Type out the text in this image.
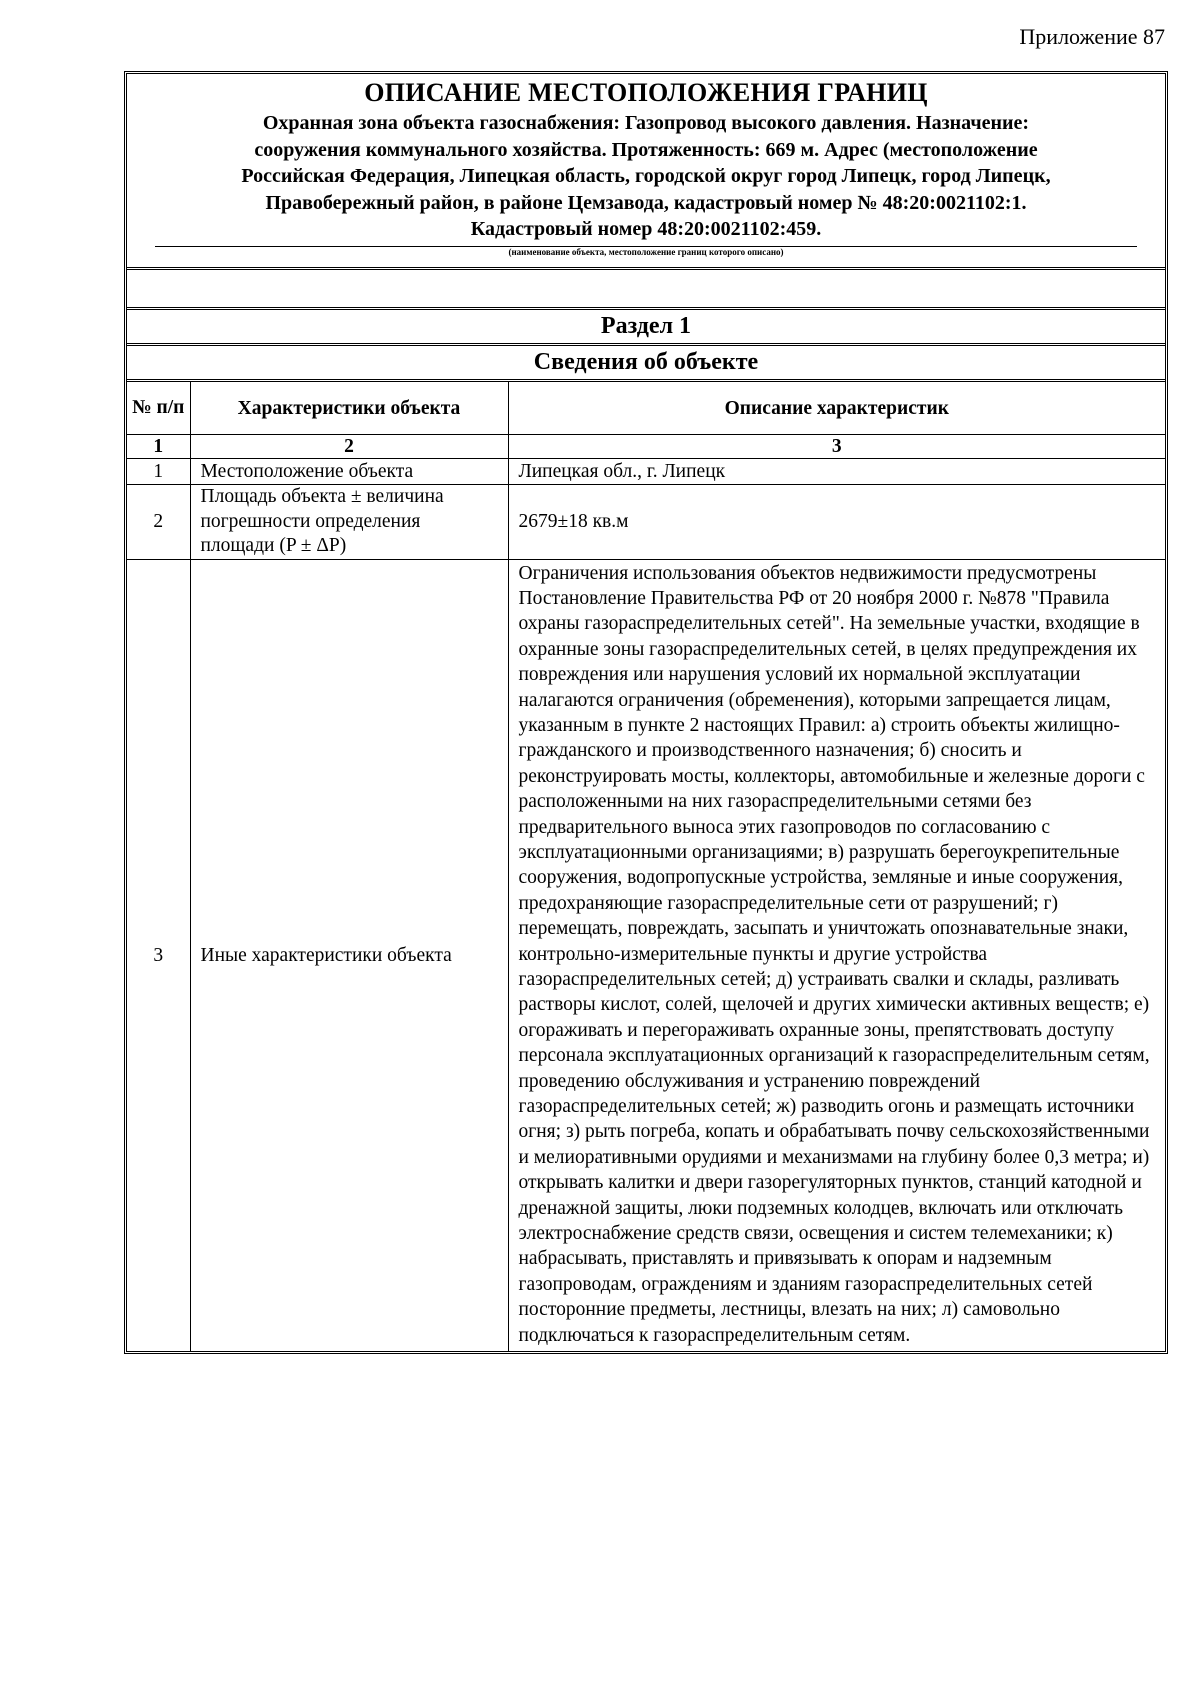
Приложение 87
ОПИСАНИЕ МЕСТОПОЛОЖЕНИЯ ГРАНИЦ
Охранная зона объекта газоснабжения: Газопровод высокого давления. Назначение:
сооружения коммунального хозяйства. Протяженность: 669 м. Адрес (местоположение
Российская Федерация, Липецкая область, городской округ город Липецк, город Липецк,
Правобережный район, в районе Цемзавода, кадастровый номер № 48:20:0021102:1.
Кадастровый номер 48:20:0021102:459.
(наименование объекта, местоположение границ которого описано)
Раздел 1
Сведения об объекте
№ п/п	Характеристики объекта	Описание характеристик
1	2	3
1	Местоположение объекта	Липецкая обл., г. Липецк
2	Площадь объекта ± величина погрешности определения площади (P ± ΔP)	2679±18 кв.м
3	Иные характеристики объекта	Ограничения использования объектов недвижимости предусмотрены Постановление Правительства РФ от 20 ноября 2000 г. №878 "Правила охраны газораспределительных сетей". На земельные участки, входящие в охранные зоны газораспределительных сетей, в целях предупреждения их повреждения или нарушения условий их нормальной эксплуатации налагаются ограничения (обременения), которыми запрещается лицам, указанным в пункте 2 настоящих Правил: а) строить объекты жилищно-гражданского и производственного назначения; б) сносить и реконструировать мосты, коллекторы, автомобильные и железные дороги с расположенными на них газораспределительными сетями без предварительного выноса этих газопроводов по согласованию с эксплуатационными организациями; в) разрушать берегоукрепительные сооружения, водопропускные устройства, земляные и иные сооружения, предохраняющие газораспределительные сети от разрушений; г) перемещать, повреждать, засыпать и уничтожать опознавательные знаки, контрольно-измерительные пункты и другие устройства газораспределительных сетей; д) устраивать свалки и склады, разливать растворы кислот, солей, щелочей и других химически активных веществ; е) огораживать и перегораживать охранные зоны, препятствовать доступу персонала эксплуатационных организаций к газораспределительным сетям, проведению обслуживания и устранению повреждений газораспределительных сетей; ж) разводить огонь и размещать источники огня; з) рыть погреба, копать и обрабатывать почву сельскохозяйственными и мелиоративными орудиями и механизмами на глубину более 0,3 метра; и) открывать калитки и двери газорегуляторных пунктов, станций катодной и дренажной защиты, люки подземных колодцев, включать или отключать электроснабжение средств связи, освещения и систем телемеханики; к) набрасывать, приставлять и привязывать к опорам и надземным газопроводам, ограждениям и зданиям газораспределительных сетей посторонние предметы, лестницы, влезать на них; л) самовольно подключаться к газораспределительным сетям.
